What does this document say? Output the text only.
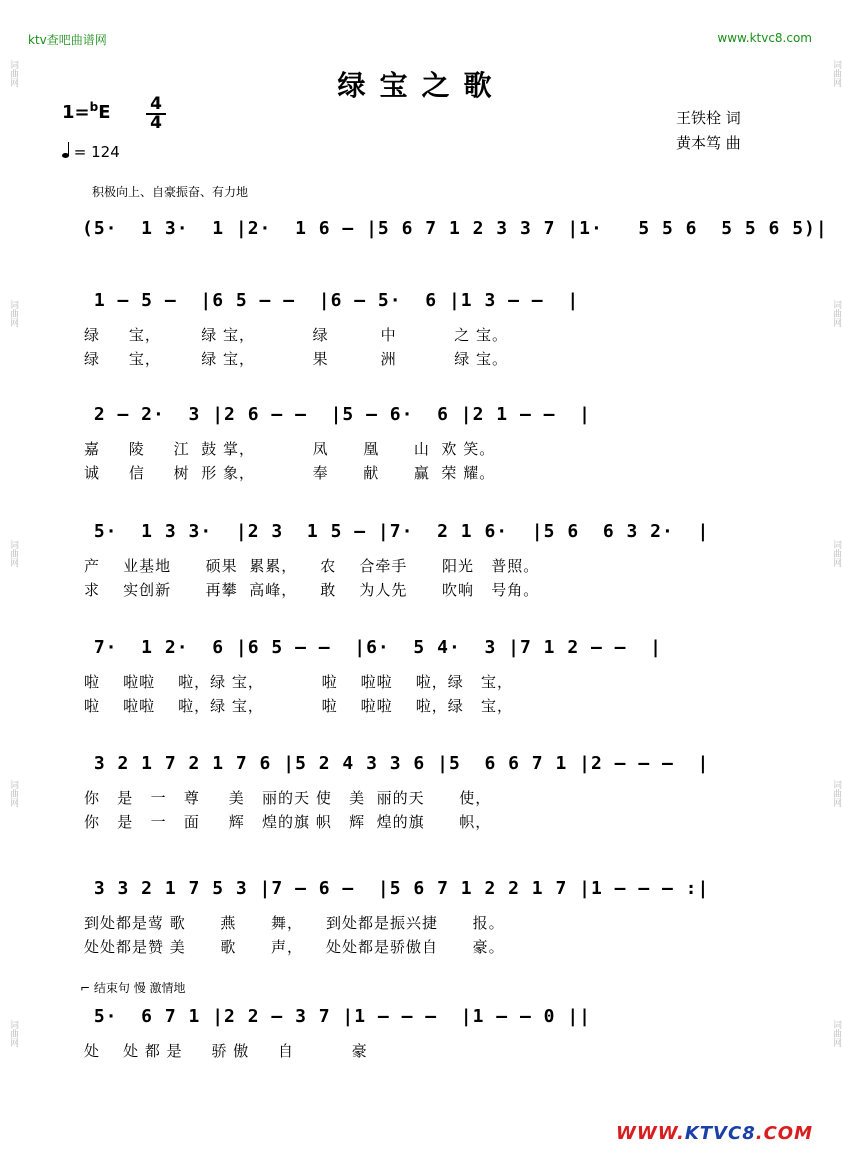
词曲网
词曲网
词曲网
词曲网
词曲网
词曲网
词曲网
词曲网
词曲网
词曲网
ktv查吧曲谱网	www.ktvc8.com
绿宝之歌
1=$^b$E 4
4
= 124
王铁栓 词
黄本笃 曲
积极向上、自豪振奋、有力地
(5·  1 3·  1 |2·  1 6 – |5 6 7 1 2 3 3 7 |1·   5 5 6  5 5 6 5)|
1 – 5 –  |6 5 – –  |6 – 5·  6 |1 3 – –  |
绿     宝，       绿 宝，          绿         中          之 宝。
绿     宝，       绿 宝，          果         洲          绿 宝。
2 – 2·  3 |2 6 – –  |5 – 6·  6 |2 1 – –  |
嘉     陵     江  鼓 掌，          凤      凰      山  欢 笑。
诚     信     树  形 象，          奉      献      赢  荣 耀。
5·  1 3 3·  |2 3  1 5 – |7·  2 1 6·  |5 6  6 3 2·  |
产    业基地      硕果  累累，    农    合牵手      阳光   普照。
求    实创新      再攀  高峰，    敢    为人先      吹响   号角。
7·  1 2·  6 |6 5 – –  |6·  5 4·  3 |7 1 2 – –  |
啦    啦啦    啦，绿 宝，          啦    啦啦    啦，绿   宝，
啦    啦啦    啦，绿 宝，          啦    啦啦    啦，绿   宝，
3 2 1 7 2 1 7 6 |5 2 4 3 3 6 |5  6 6 7 1 |2 – – –  |
你   是   一   尊     美   丽的天 使   美  丽的天      使，
你   是   一   面     辉   煌的旗 帜   辉  煌的旗      帜，
3 3 2 1 7 5 3 |7 – 6 –  |5 6 7 1 2 2 1 7 |1 – – – :|
到处都是莺 歌      燕      舞，    到处都是振兴捷      报。
处处都是赞 美      歌      声，    处处都是骄傲自      豪。
5·  6 7 1 |2 2 – 3 7 |1 – – –  |1 – – 0 ||
处    处 都 是     骄 傲     自          豪
⌐ 结束句 慢 激情地
WWW.KTVC8.COM
